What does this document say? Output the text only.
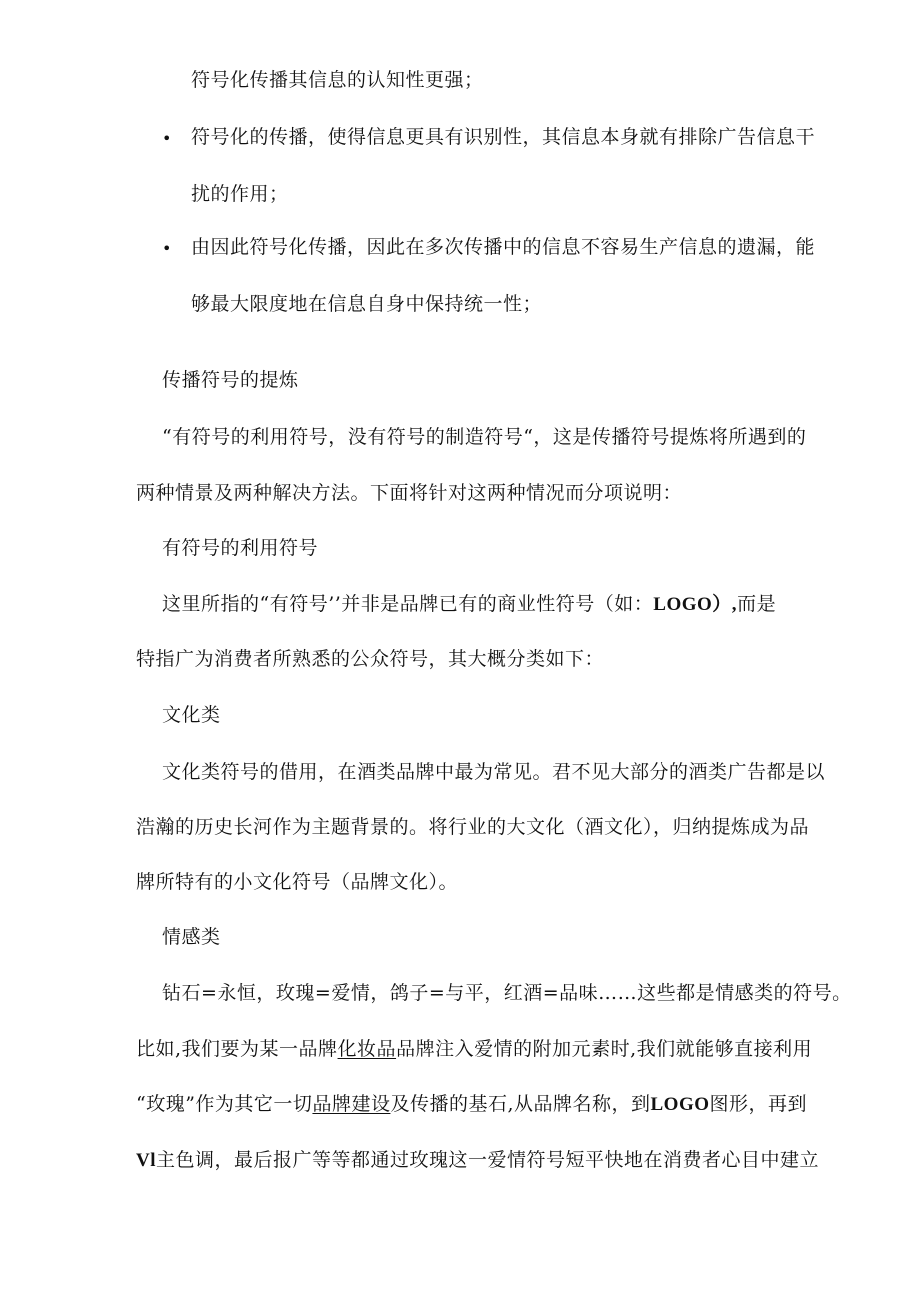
符号化传播其信息的认知性更强；
• 符号化的传播，使得信息更具有识别性，其信息本身就有排除广告信息干
扰的作用；
• 由因此符号化传播，因此在多次传播中的信息不容易生产信息的遗漏，能
够最大限度地在信息自身中保持统一性；
传播符号的提炼
“有符号的利用符号，没有符号的制造符号“，这是传播符号提炼将所遇到的
两种情景及两种解决方法。下面将针对这两种情况而分项说明：
有符号的利用符号
这里所指的“有符号’’并非是品牌已有的商业性符号（如：LOGO）,而是
特指广为消费者所熟悉的公众符号，其大概分类如下：
文化类
文化类符号的借用，在酒类品牌中最为常见。君不见大部分的酒类广告都是以
浩瀚的历史长河作为主题背景的。将行业的大文化（酒文化），归纳提炼成为品
牌所特有的小文化符号（品牌文化）。
情感类
钻石=永恒，玫瑰=爱情，鸽子=与平，红酒=品味……这些都是情感类的符号。
比如,我们要为某一品牌化妆品品牌注入爱情的附加元素时,我们就能够直接利用
“玫瑰”作为其它一切品牌建设及传播的基石,从品牌名称，到LOGO图形，再到
Vl主色调，最后报广等等都通过玫瑰这一爱情符号短平快地在消费者心目中建立
